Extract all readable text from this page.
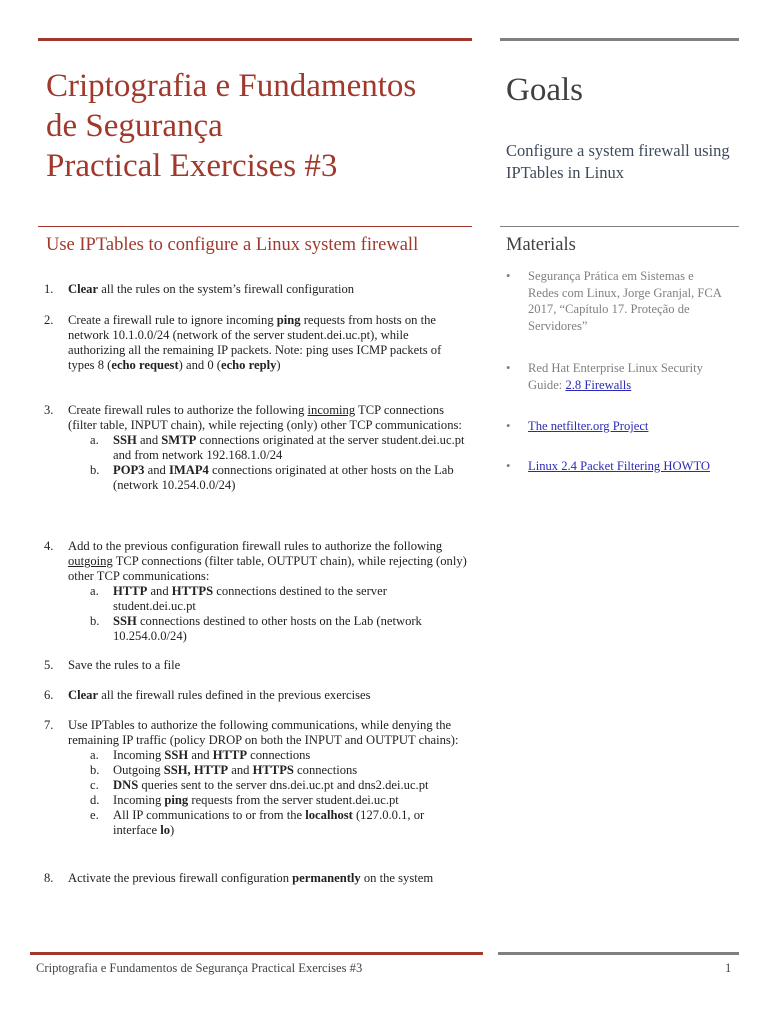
Criptografia e Fundamentos
de Segurança
Practical Exercises #3
Use IPTables to configure a Linux system firewall
1.	Clear all the rules on the system’s firewall configuration
2.	Create a firewall rule to ignore incoming ping requests from hosts on the network 10.1.0.0/24 (network of the server student.dei.uc.pt), while authorizing all the remaining IP packets. Note: ping uses ICMP packets of types 8 (echo request) and 0 (echo reply)
3.	Create firewall rules to authorize the following incoming TCP connections (filter table, INPUT chain), while rejecting (only) other TCP communications:
a. SSH and SMTP connections originated at the server student.dei.uc.pt and from network 192.168.1.0/24
b. POP3 and IMAP4 connections originated at other hosts on the Lab (network 10.254.0.0/24)
4.	Add to the previous configuration firewall rules to authorize the following outgoing TCP connections (filter table, OUTPUT chain), while rejecting (only) other TCP communications:
a. HTTP and HTTPS connections destined to the server student.dei.uc.pt
b. SSH connections destined to other hosts on the Lab (network 10.254.0.0/24)
5.	Save the rules to a file
6.	Clear all the firewall rules defined in the previous exercises
7.	Use IPTables to authorize the following communications, while denying the remaining IP traffic (policy DROP on both the INPUT and OUTPUT chains):
a. Incoming SSH and HTTP connections
b. Outgoing SSH, HTTP and HTTPS connections
c. DNS queries sent to the server dns.dei.uc.pt and dns2.dei.uc.pt
d. Incoming ping requests from the server student.dei.uc.pt
e. All IP communications to or from the localhost (127.0.0.1, or interface lo)
8.	Activate the previous firewall configuration permanently on the system
Goals

Configure a system firewall using IPTables in Linux

Materials
• Segurança Prática em Sistemas e Redes com Linux, Jorge Granjal, FCA 2017, “Capítulo 17. Proteção de Servidores”
• Red Hat Enterprise Linux Security Guide: 2.8 Firewalls
• The netfilter.org Project
• Linux 2.4 Packet Filtering HOWTO

Criptografia e Fundamentos de Segurança Practical Exercises #3	1
